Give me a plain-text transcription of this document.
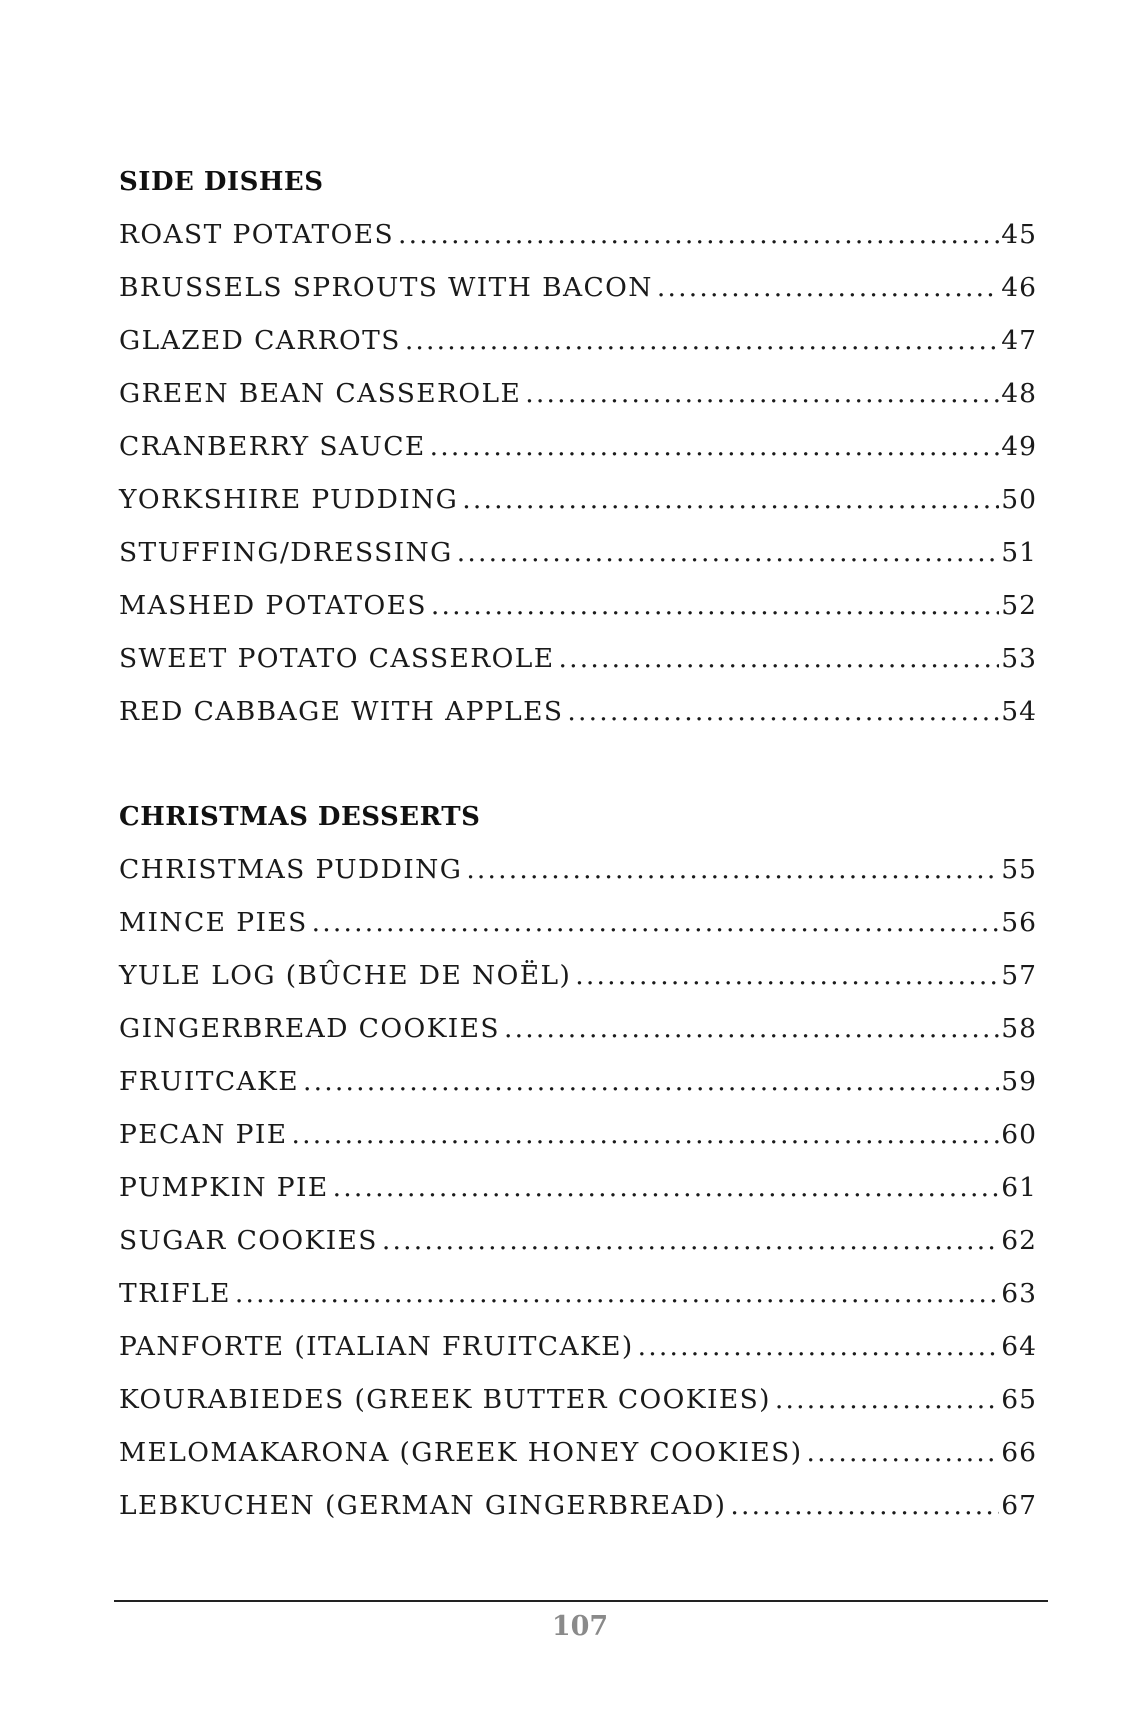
SIDE DISHES
ROAST POTATOES .....	45
BRUSSELS SPROUTS WITH BACON .....	46
GLAZED CARROTS .....	47
GREEN BEAN CASSEROLE .....	48
CRANBERRY SAUCE .....	49
YORKSHIRE PUDDING .....	50
STUFFING/DRESSING .....	51
MASHED POTATOES .....	52
SWEET POTATO CASSEROLE .....	53
RED CABBAGE WITH APPLES .....	54
CHRISTMAS DESSERTS
CHRISTMAS PUDDING .....	55
MINCE PIES .....	56
YULE LOG (BÛCHE DE NOËL) .....	57
GINGERBREAD COOKIES .....	58
FRUITCAKE .....	59
PECAN PIE .....	60
PUMPKIN PIE .....	61
SUGAR COOKIES .....	62
TRIFLE .....	63
PANFORTE (ITALIAN FRUITCAKE) .....	64
KOURABIEDES (GREEK BUTTER COOKIES) .....	65
MELOMAKARONA (GREEK HONEY COOKIES) .....	66
LEBKUCHEN (GERMAN GINGERBREAD) .....	67
107
